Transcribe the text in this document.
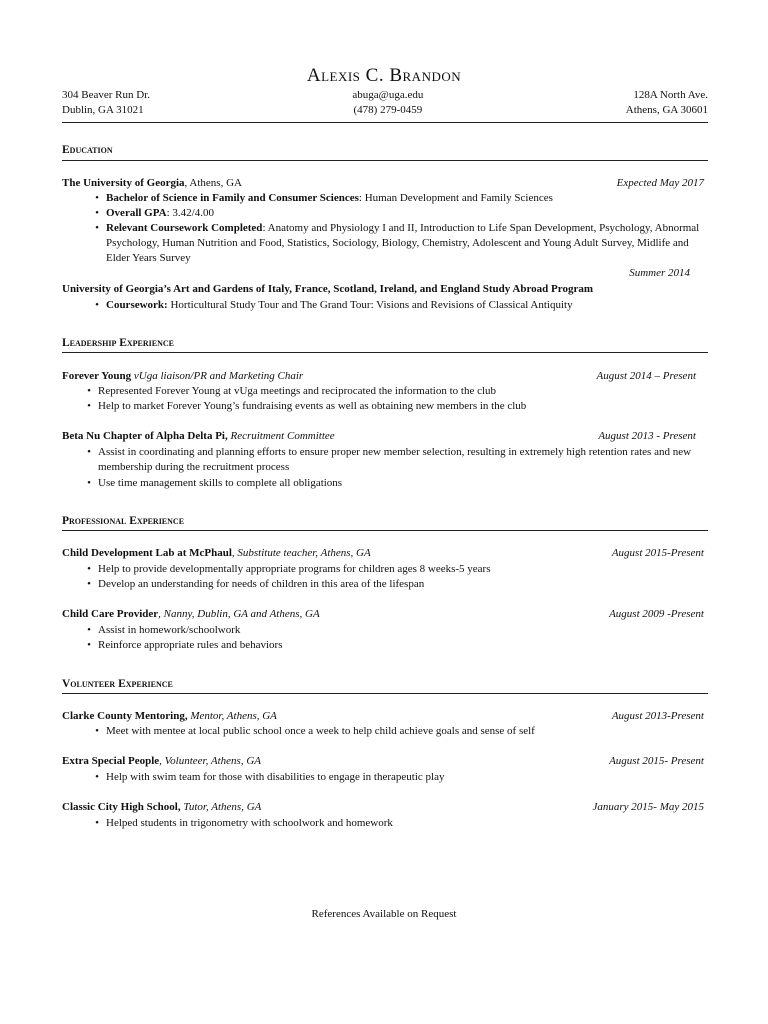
Alexis C. Brandon
304 Beaver Run Dr.
Dublin, GA 31021
abuga@uga.edu
(478) 279-0459
128A North Ave.
Athens, GA 30601
Education
The University of Georgia, Athens, GA	Expected May 2017
• Bachelor of Science in Family and Consumer Sciences: Human Development and Family Sciences
• Overall GPA: 3.42/4.00
• Relevant Coursework Completed: Anatomy and Physiology I and II, Introduction to Life Span Development, Psychology, Abnormal Psychology, Human Nutrition and Food, Statistics, Sociology, Biology, Chemistry, Adolescent and Young Adult Survey, Midlife and Elder Years Survey
Summer 2014
University of Georgia’s Art and Gardens of Italy, France, Scotland, Ireland, and England Study Abroad Program
• Coursework: Horticultural Study Tour and The Grand Tour: Visions and Revisions of Classical Antiquity
Leadership Experience
Forever Young vUga liaison/PR and Marketing Chair	August 2014 – Present
• Represented Forever Young at vUga meetings and reciprocated the information to the club
• Help to market Forever Young’s fundraising events as well as obtaining new members in the club
Beta Nu Chapter of Alpha Delta Pi, Recruitment Committee	August 2013 - Present
• Assist in coordinating and planning efforts to ensure proper new member selection, resulting in extremely high retention rates and new membership during the recruitment process
• Use time management skills to complete all obligations
Professional Experience
Child Development Lab at McPhaul, Substitute teacher, Athens, GA	August 2015-Present
• Help to provide developmentally appropriate programs for children ages 8 weeks-5 years
• Develop an understanding for needs of children in this area of the lifespan
Child Care Provider, Nanny, Dublin, GA and Athens, GA	August 2009 -Present
• Assist in homework/schoolwork
• Reinforce appropriate rules and behaviors
Volunteer Experience
Clarke County Mentoring, Mentor, Athens, GA	August 2013-Present
• Meet with mentee at local public school once a week to help child achieve goals and sense of self
Extra Special People, Volunteer, Athens, GA	August 2015- Present
• Help with swim team for those with disabilities to engage in therapeutic play
Classic City High School, Tutor, Athens, GA	January 2015- May 2015
• Helped students in trigonometry with schoolwork and homework
References Available on Request
